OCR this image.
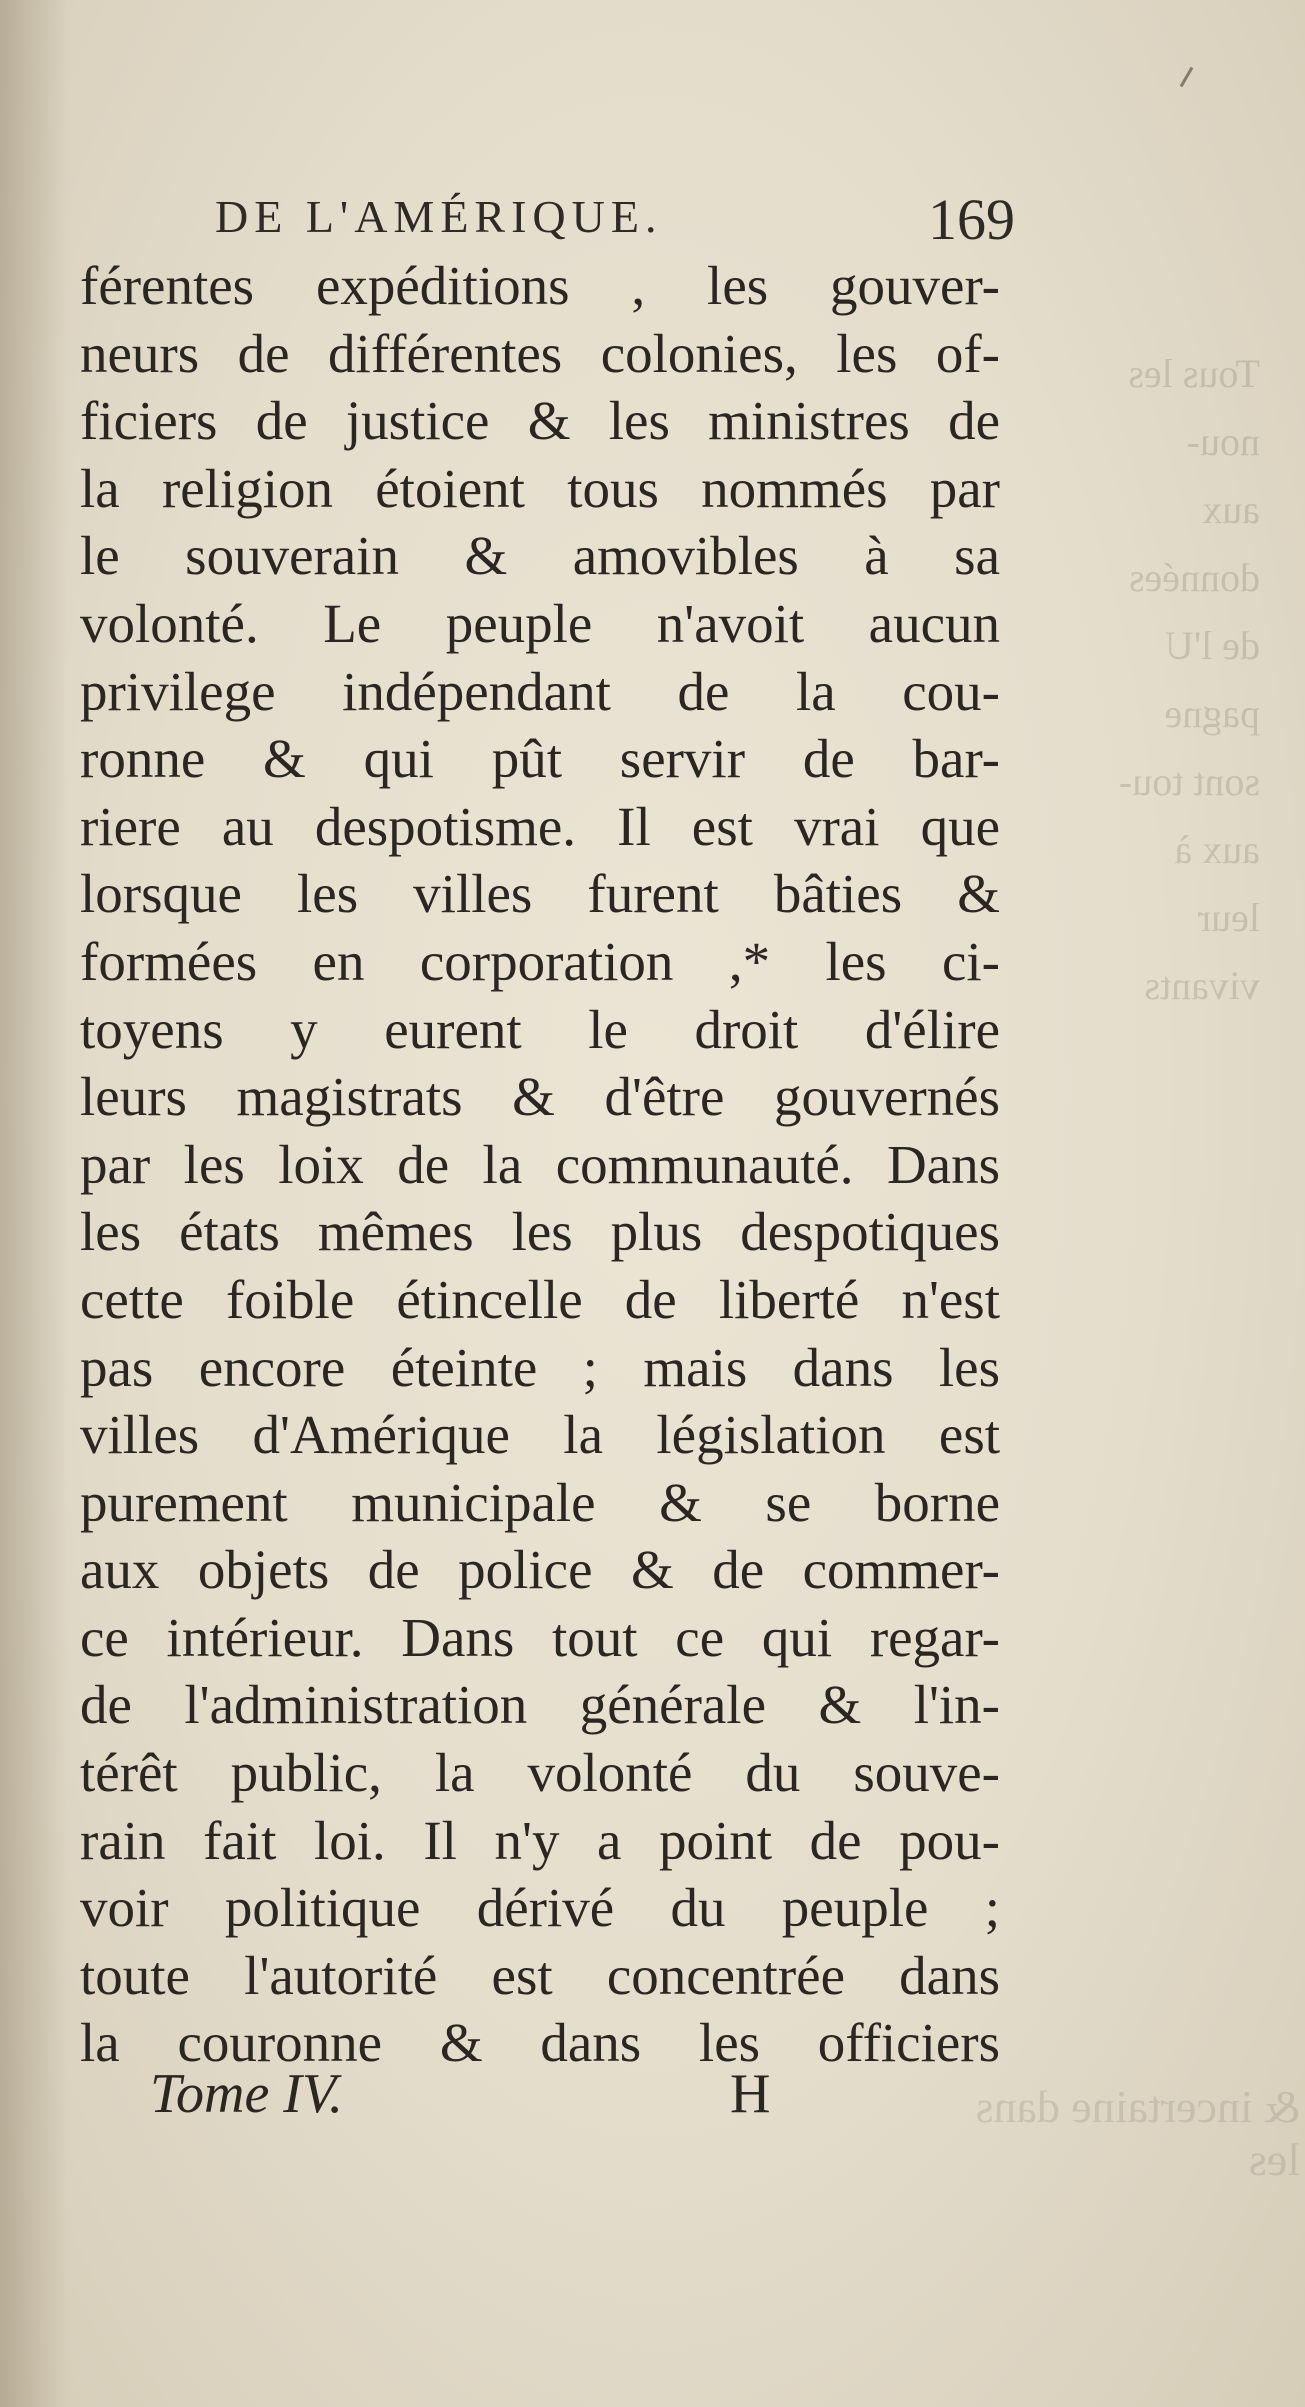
Tous les
nou-
aux
données
de l'U
pagne
sont tou-
aux à
leur
vivants
& incertaine dans les
DE L'AMÉRIQUE.	169
férentes expéditions , les gouver-
neurs de différentes colonies, les of-
ficiers de justice & les ministres de
la religion étoient tous nommés par
le souverain & amovibles à sa
volonté. Le peuple n'avoit aucun
privilege indépendant de la cou-
ronne & qui pût servir de bar-
riere au despotisme. Il est vrai que
lorsque les villes furent bâties &
formées en corporation ,* les ci-
toyens y eurent le droit d'élire
leurs magistrats & d'être gouvernés
par les loix de la communauté. Dans
les états mêmes les plus despotiques
cette foible étincelle de liberté n'est
pas encore éteinte ; mais dans les
villes d'Amérique la législation est
purement municipale & se borne
aux objets de police & de commer-
ce intérieur. Dans tout ce qui regar-
de l'administration générale & l'in-
térêt public, la volonté du souve-
rain fait loi. Il n'y a point de pou-
voir politique dérivé du peuple ;
toute l'autorité est concentrée dans
la couronne & dans les officiers
Tome IV.	H
